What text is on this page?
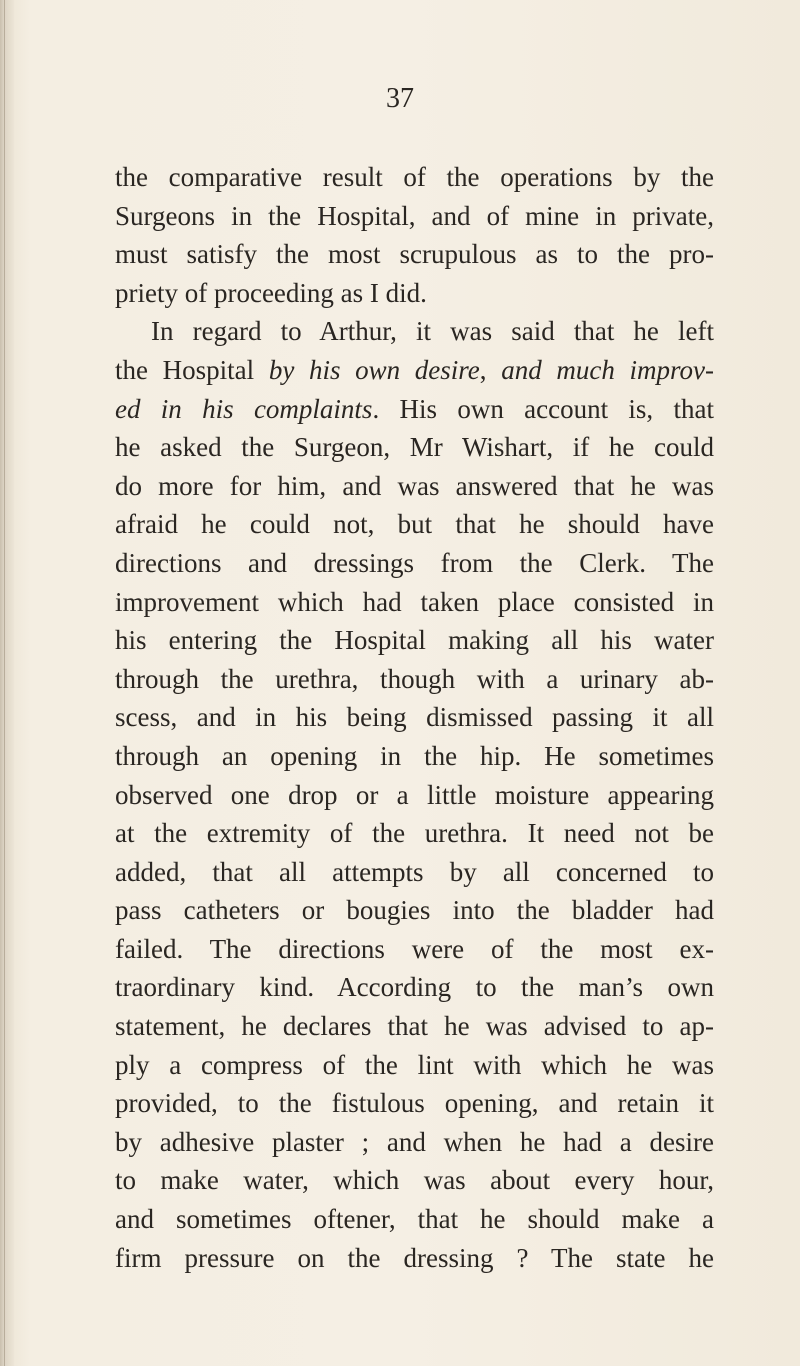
37
the comparative result of the operations by the
Surgeons in the Hospital, and of mine in private,
must satisfy the most scrupulous as to the pro-
priety of proceeding as I did.
In regard to Arthur, it was said that he left
the Hospital by his own desire, and much improv-
ed in his complaints. His own account is, that
he asked the Surgeon, Mr Wishart, if he could
do more for him, and was answered that he was
afraid he could not, but that he should have
directions and dressings from the Clerk. The
improvement which had taken place consisted in
his entering the Hospital making all his water
through the urethra, though with a urinary ab-
scess, and in his being dismissed passing it all
through an opening in the hip. He sometimes
observed one drop or a little moisture appearing
at the extremity of the urethra. It need not be
added, that all attempts by all concerned to
pass catheters or bougies into the bladder had
failed. The directions were of the most ex-
traordinary kind. According to the man’s own
statement, he declares that he was advised to ap-
ply a compress of the lint with which he was
provided, to the fistulous opening, and retain it
by adhesive plaster ; and when he had a desire
to make water, which was about every hour,
and sometimes oftener, that he should make a
firm pressure on the dressing ? The state he
